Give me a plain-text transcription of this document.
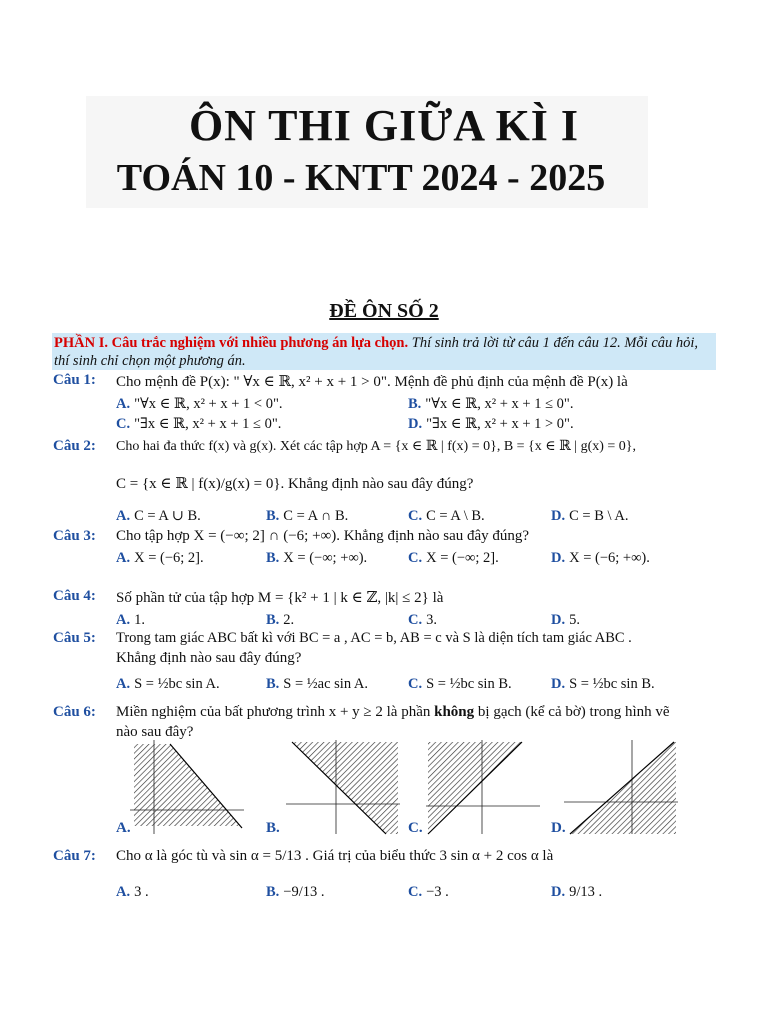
ÔN THI GIỮA KÌ I
TOÁN 10 - KNTT 2024 - 2025
ĐỀ ÔN SỐ 2
PHẦN I. Câu trắc nghiệm với nhiều phương án lựa chọn. Thí sinh trả lời từ câu 1 đến câu 12. Mỗi câu hỏi, thí sinh chỉ chọn một phương án.
Câu 1: Cho mệnh đề P(x): " ∀x ∈ ℝ, x² + x + 1 > 0". Mệnh đề phủ định của mệnh đề P(x) là
A. "∀x ∈ ℝ, x² + x + 1 < 0".	B. "∀x ∈ ℝ, x² + x + 1 ≤ 0".
C. "∃x ∈ ℝ, x² + x + 1 ≤ 0".	D. "∃x ∈ ℝ, x² + x + 1 > 0".
Câu 2: Cho hai đa thức f(x) và g(x). Xét các tập hợp A = {x ∈ ℝ | f(x) = 0}, B = {x ∈ ℝ | g(x) = 0},
C = {x ∈ ℝ | f(x)/g(x) = 0}. Khẳng định nào sau đây đúng?
A. C = A ∪ B.	B. C = A ∩ B.	C. C = A \ B.	D. C = B \ A.
Câu 3: Cho tập hợp X = (−∞; 2] ∩ (−6; +∞). Khẳng định nào sau đây đúng?
A. X = (−6; 2].	B. X = (−∞; +∞).	C. X = (−∞; 2].	D. X = (−6; +∞).
Câu 4: Số phần tử của tập hợp M = {k² + 1 | k ∈ ℤ, |k| ≤ 2} là
A. 1.	B. 2.	C. 3.	D. 5.
Câu 5: Trong tam giác ABC bất kì với BC = a , AC = b, AB = c và S là diện tích tam giác ABC .
Khẳng định nào sau đây đúng?
A. S = ½bc sin A.	B. S = ½ac sin A.	C. S = ½bc sin B.	D. S = ½bc sin B.
Câu 6: Miền nghiệm của bất phương trình x + y ≥ 2 là phần không bị gạch (kể cả bờ) trong hình vẽ
nào sau đây?
A.	B.	C.	D.
Câu 7: Cho α là góc tù và sin α = 5/13 . Giá trị của biểu thức 3 sin α + 2 cos α là
A. 3 .	B. −9/13 .	C. −3 .	D. 9/13 .
